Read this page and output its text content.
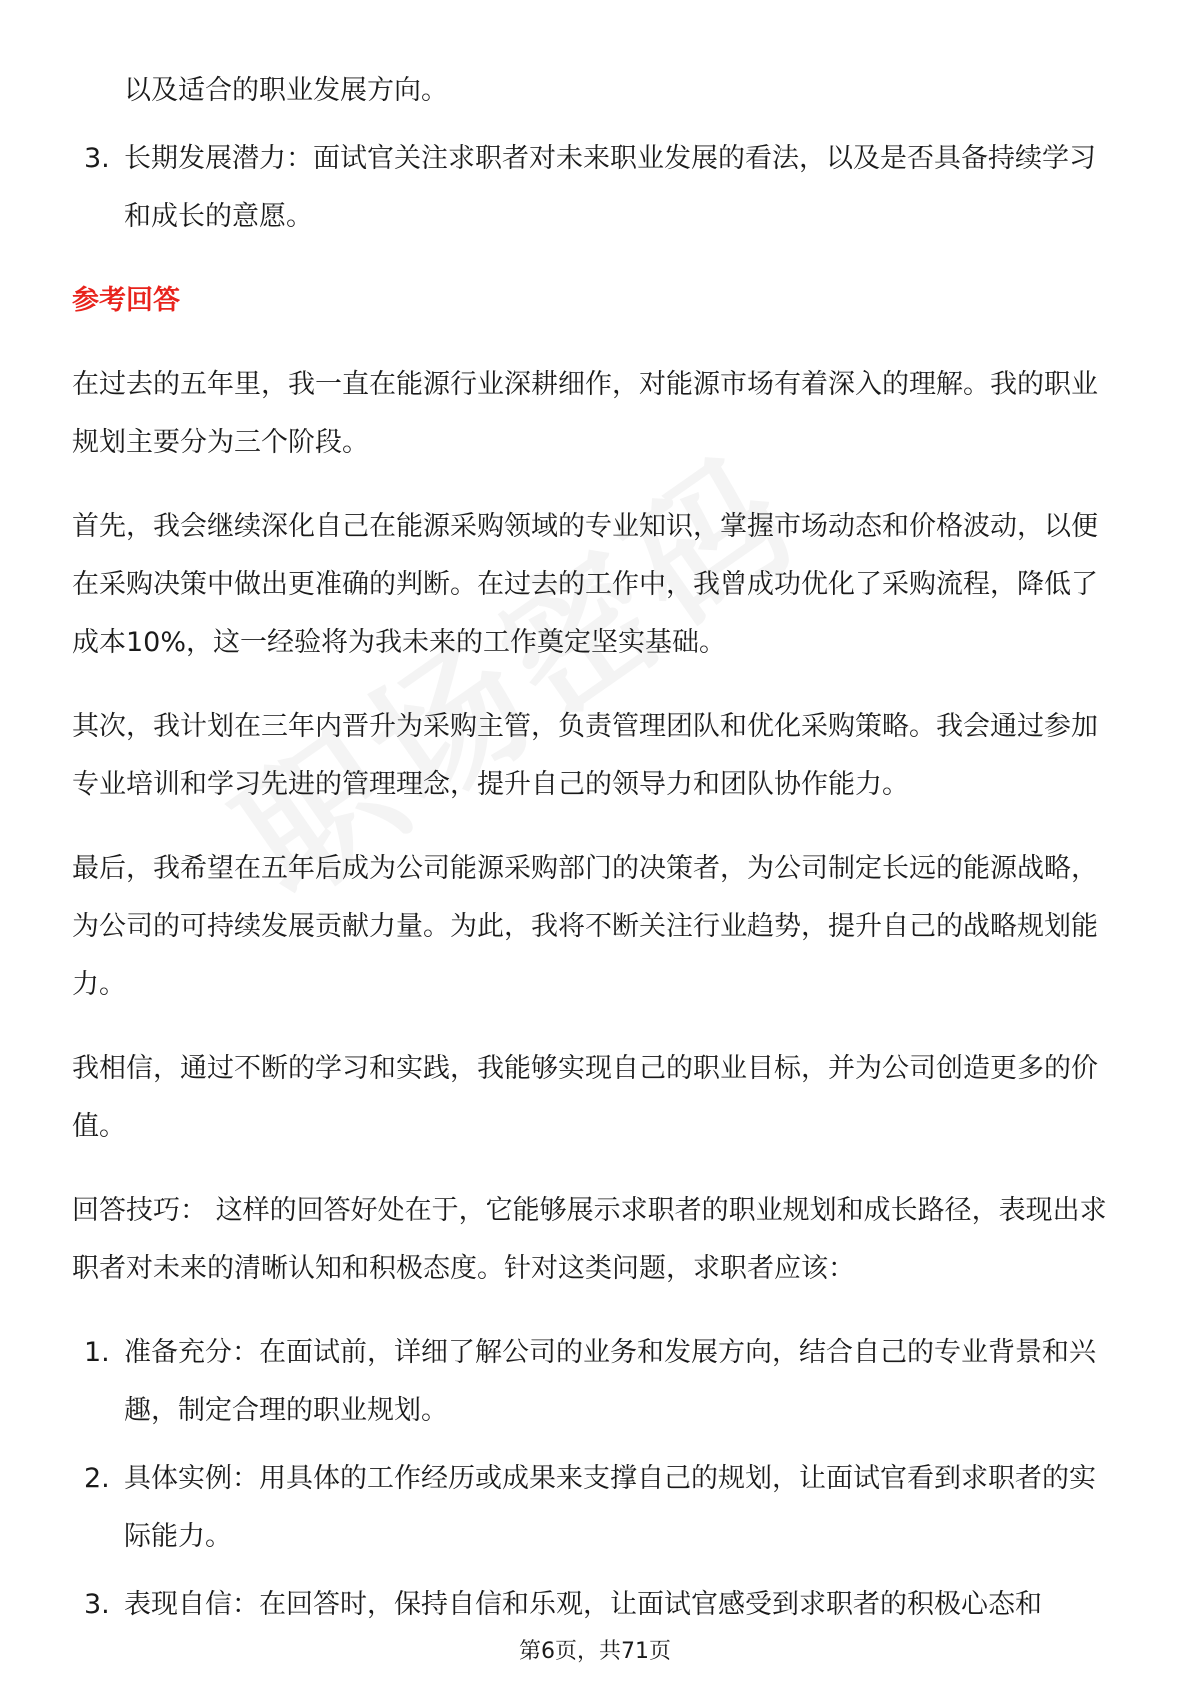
以及适合的职业发展方向。

3. 长期发展潜力：面试官关注求职者对未来职业发展的看法，以及是否具备持续学习和成长的意愿。

参考回答

在过去的五年里，我一直在能源行业深耕细作，对能源市场有着深入的理解。我的职业规划主要分为三个阶段。

首先，我会继续深化自己在能源采购领域的专业知识，掌握市场动态和价格波动，以便在采购决策中做出更准确的判断。在过去的工作中，我曾成功优化了采购流程，降低了成本10%，这一经验将为我未来的工作奠定坚实基础。

其次，我计划在三年内晋升为采购主管，负责管理团队和优化采购策略。我会通过参加专业培训和学习先进的管理理念，提升自己的领导力和团队协作能力。

最后，我希望在五年后成为公司能源采购部门的决策者，为公司制定长远的能源战略，为公司的可持续发展贡献力量。为此，我将不断关注行业趋势，提升自己的战略规划能力。

我相信，通过不断的学习和实践，我能够实现自己的职业目标，并为公司创造更多的价值。

回答技巧： 这样的回答好处在于，它能够展示求职者的职业规划和成长路径，表现出求职者对未来的清晰认知和积极态度。针对这类问题，求职者应该：

1. 准备充分：在面试前，详细了解公司的业务和发展方向，结合自己的专业背景和兴趣，制定合理的职业规划。

2. 具体实例：用具体的工作经历或成果来支撑自己的规划，让面试官看到求职者的实际能力。

3. 表现自信：在回答时，保持自信和乐观，让面试官感受到求职者的积极心态和

第6页，共71页
